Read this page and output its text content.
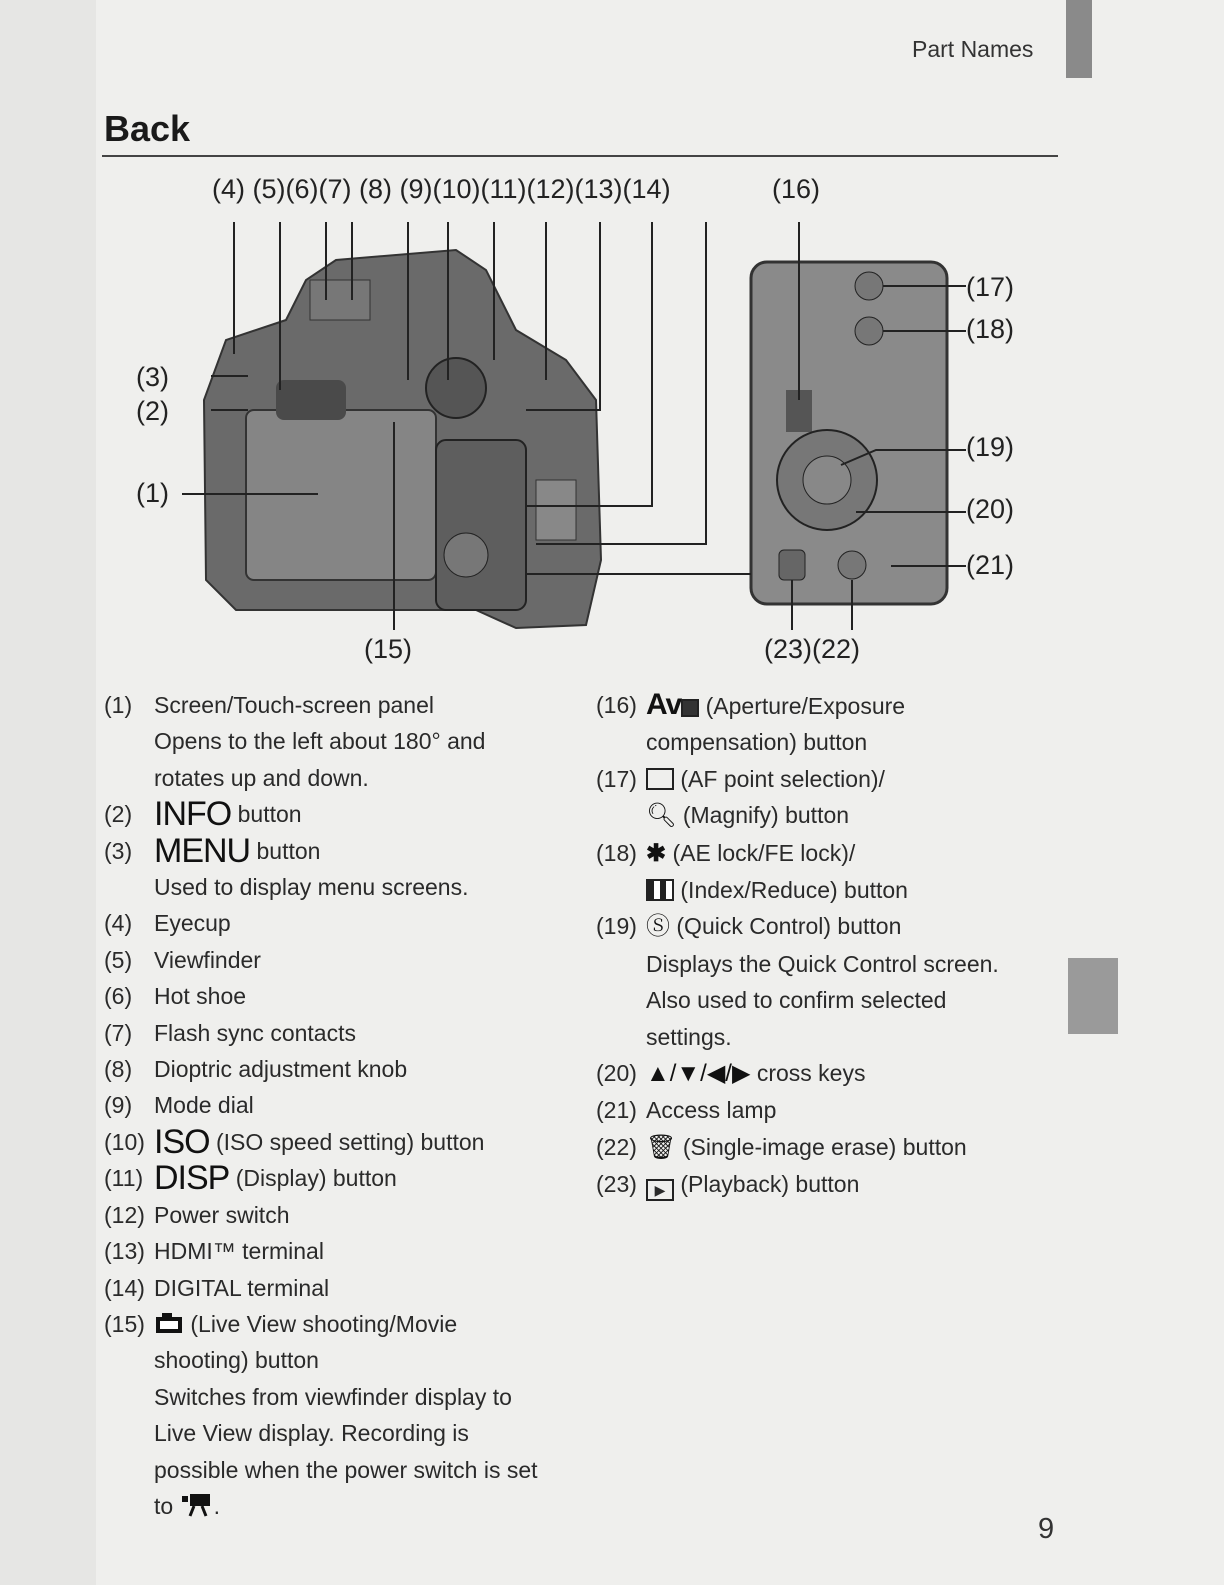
Part Names
Back
(4) (5)(6)(7) (8) (9)(10)(11)(12)(13)(14)	(16)
(3)
(2)
(1)
(17)
(18)
(19)
(20)
(21)
(15)	(23)(22)
(1) Screen/Touch-screen panel
Opens to the left about 180° and rotates up and down.
(2) INFO button
(3) MENU button
Used to display menu screens.
(4) Eyecup
(5) Viewfinder
(6) Hot shoe
(7) Flash sync contacts
(8) Dioptric adjustment knob
(9) Mode dial
(10) ISO (ISO speed setting) button
(11) DISP (Display) button
(12) Power switch
(13) HDMI™ terminal
(14) DIGITAL terminal
(15)	(Live View shooting/Movie shooting) button
Switches from viewfinder display to Live View display. Recording is possible when the power switch is set to .
(16) Av (Aperture/Exposure compensation) button
(17)	(AF point selection)/
🔍︎ (Magnify) button
(18) ✱ (AE lock/FE lock)/
(Index/Reduce) button
(19) Ⓢ (Quick Control) button
Displays the Quick Control screen. Also used to confirm selected settings.
(20) ▲/▼/◀/▶ cross keys
(21) Access lamp
(22) 🗑︎ (Single-image erase) button
(23)	▶ (Playback) button
9
